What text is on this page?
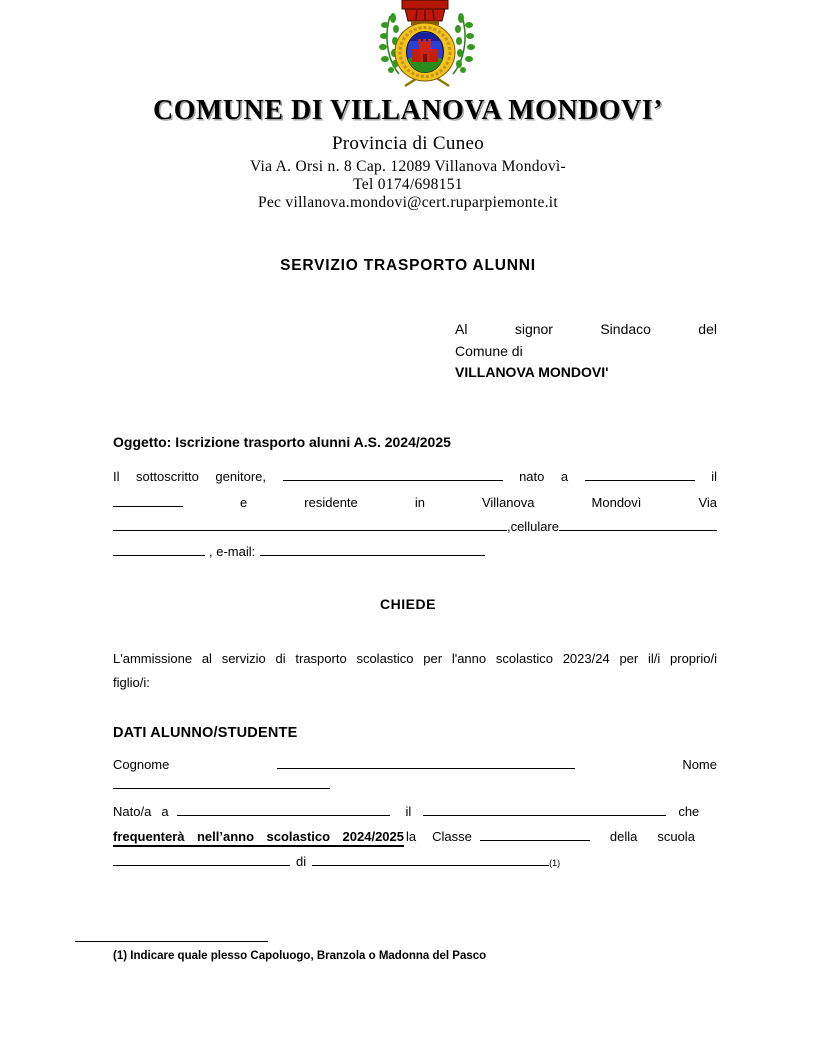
COMUNE DI VILLANOVA MONDOVI’
Provincia di Cuneo
Via A. Orsi n. 8 Cap. 12089 Villanova Mondovì-
Tel 0174/698151
Pec villanova.mondovi@cert.ruparpiemonte.it
SERVIZIO TRASPORTO ALUNNI
Al signor Sindaco del
Comune di
VILLANOVA MONDOVI'
Oggetto: Iscrizione trasporto alunni A.S. 2024/2025
Il sottoscritto genitore,	nato a	il
e	residente	in	Villanova	Mondovì	Via
,cellulare
, e-mail:
CHIEDE
L'ammissione al servizio di trasporto scolastico per l'anno scolastico 2023/24 per il/i proprio/i
figlio/i:
DATI ALUNNO/STUDENTE
Cognome	Nome
Nato/a a	il	che
frequenterà nell’anno scolastico 2024/2025 la Classe	della scuola
di	(1)
(1) Indicare quale plesso Capoluogo, Branzola o Madonna del Pasco
